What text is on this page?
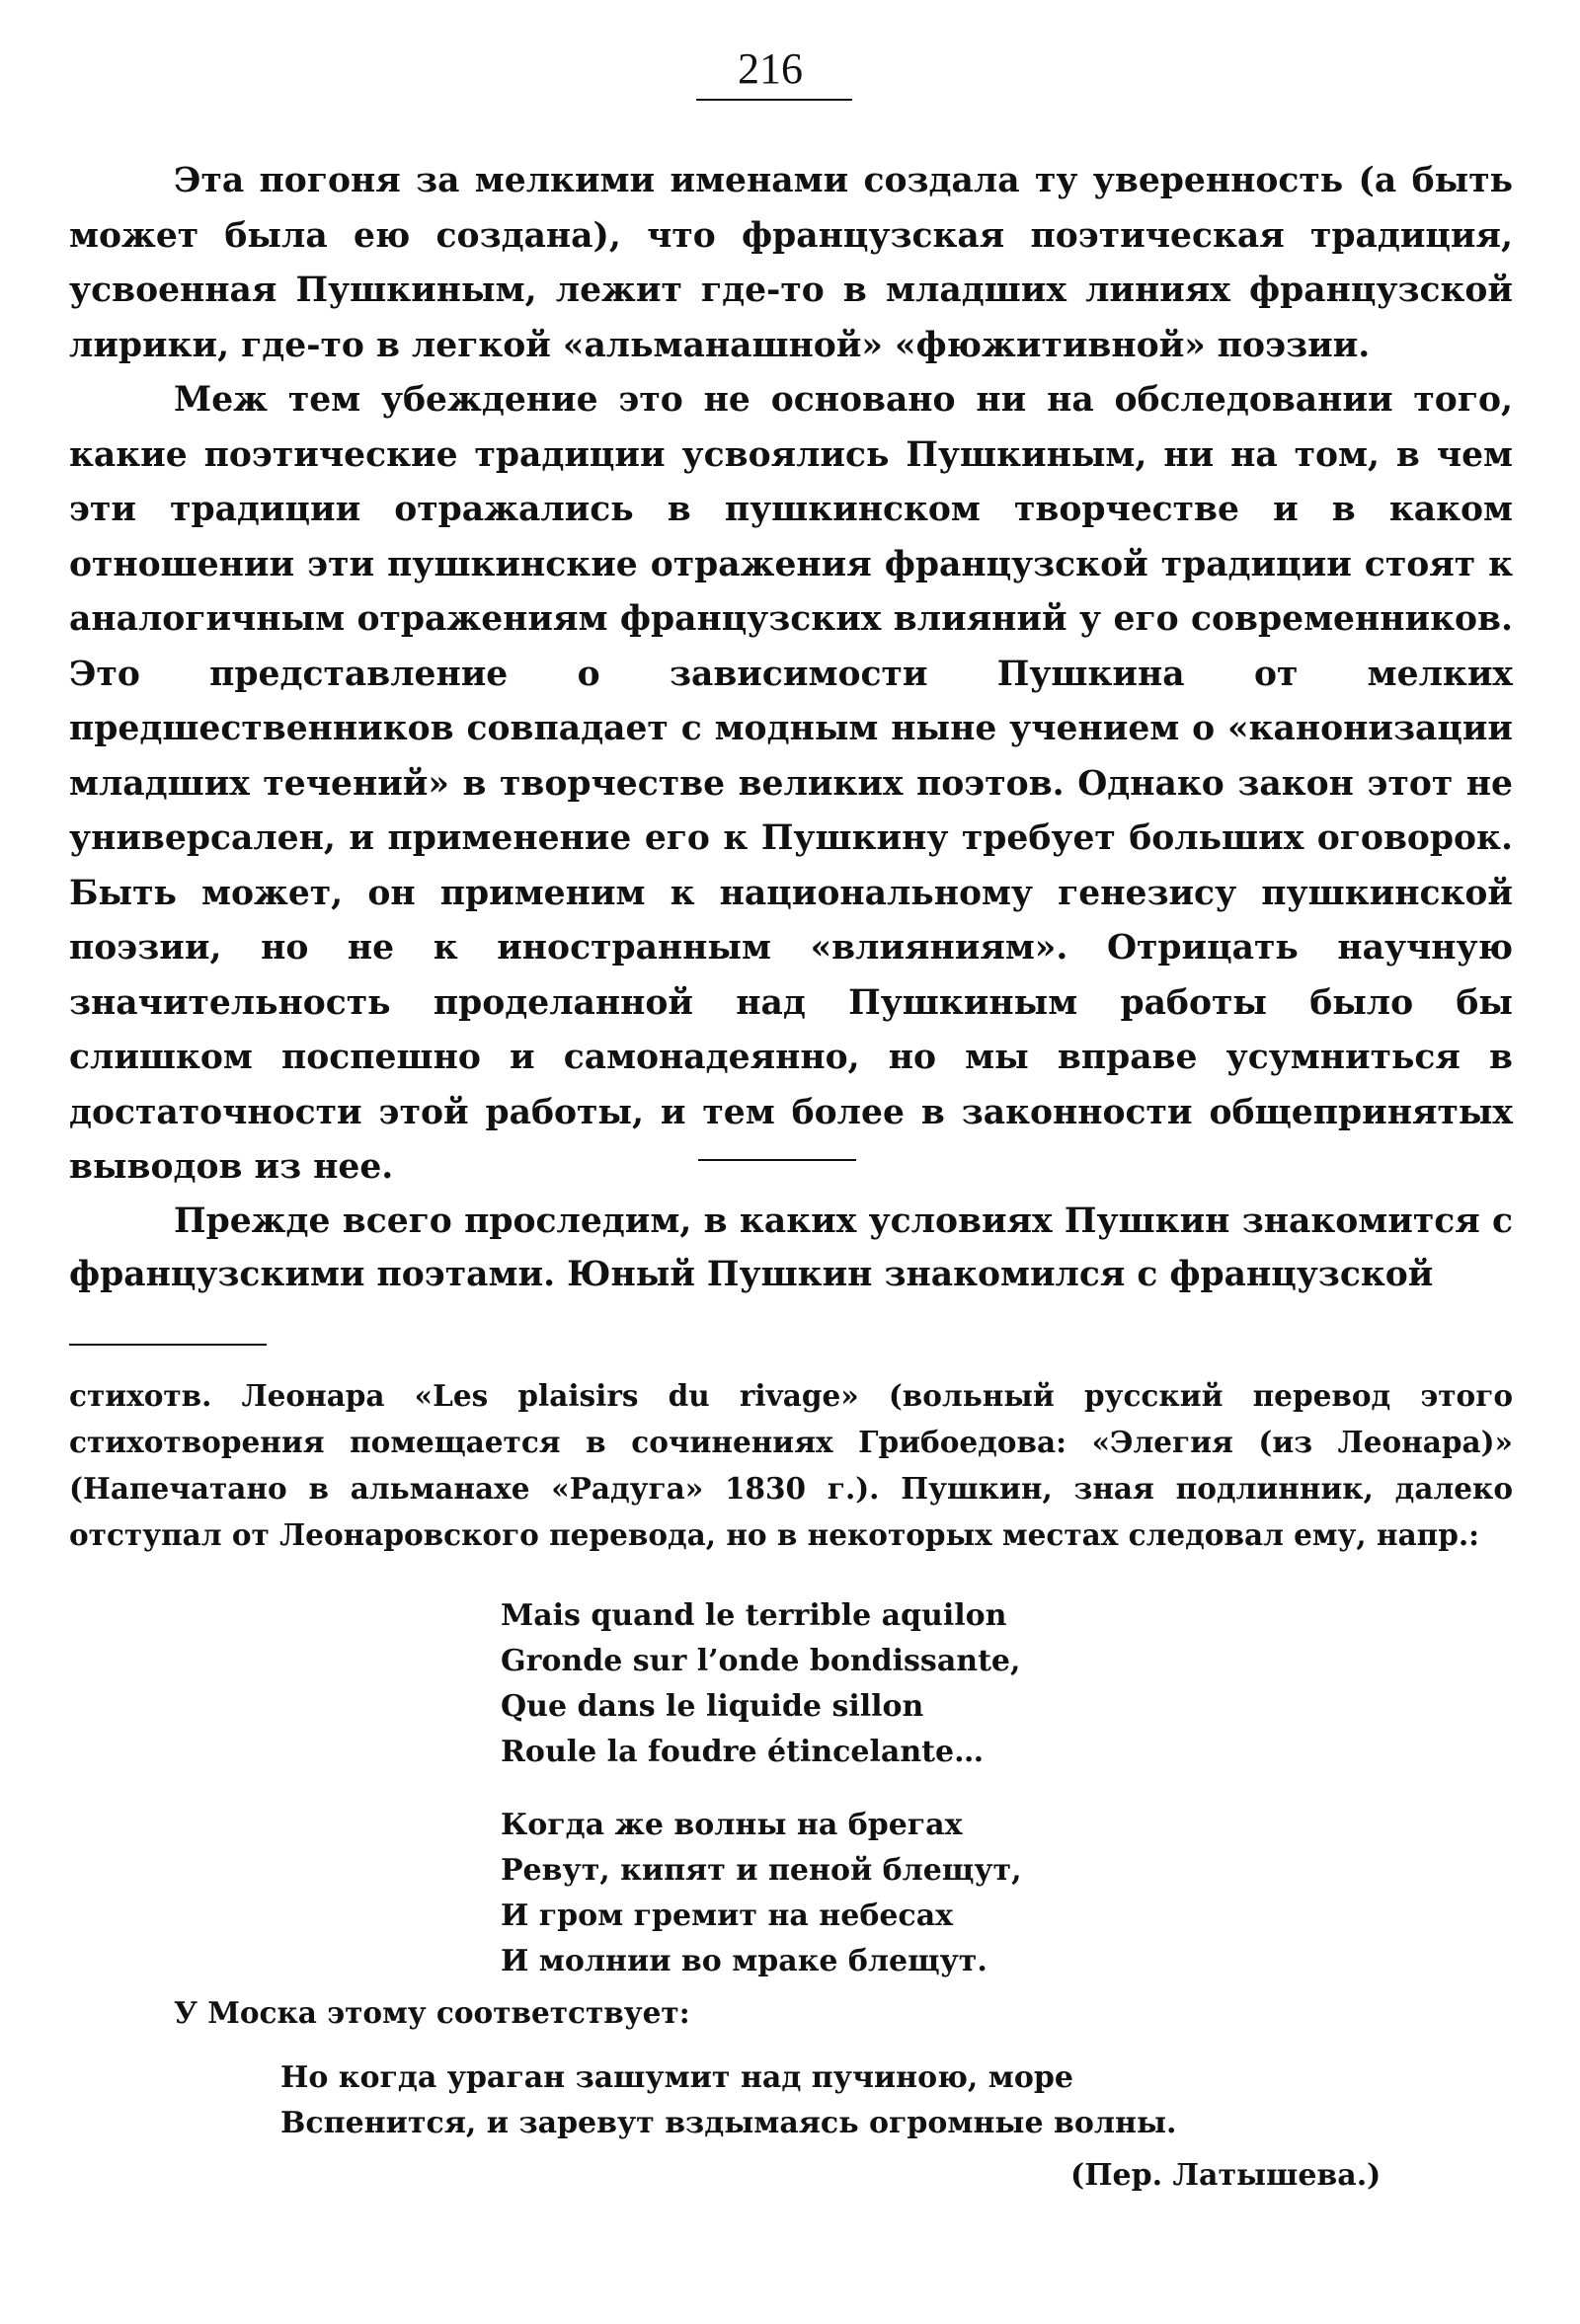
216

Эта погоня за мелкими именами создала ту уверенность (а быть может была ею создана), что французская поэтическая традиция, усвоенная Пушкиным, лежит где-то в младших линиях французской лирики, где-то в легкой «альманашной» «фюжитивной» поэзии.

Меж тем убеждение это не основано ни на обследовании того, какие поэтические традиции усвоялись Пушкиным, ни на том, в чем эти традиции отражались в пушкинском творчестве и в каком отношении эти пушкинские отражения французской традиции стоят к аналогичным отражениям французских влияний у его современников. Это представление о зависимости Пушкина от мелких предшественников совпадает с модным ныне учением о «канонизации младших течений» в творчестве великих поэтов. Однако закон этот не универсален, и применение его к Пушкину требует больших оговорок. Быть может, он применим к национальному генезису пушкинской поэзии, но не к иностранным «влияниям». Отрицать научную значительность проделанной над Пушкиным работы было бы слишком поспешно и самонадеянно, но мы вправе усумниться в достаточности этой работы, и тем более в законности общепринятых выводов из нее.

Прежде всего проследим, в каких условиях Пушкин знакомится с французскими поэтами. Юный Пушкин знакомился с французской

стихотв. Леонара «Les plaisirs du rivage» (вольный русский перевод этого стихотворения помещается в сочинениях Грибоедова: «Элегия (из Леонара)» (Напечатано в альманахе «Радуга» 1830 г.). Пушкин, зная подлинник, далеко отступал от Леонаровского перевода, но в некоторых местах следовал ему, напр.:

Mais quand le terrible aquilon
Gronde sur l’onde bondissante,
Que dans le liquide sillon
Roule la foudre étincelante…
Когда же волны на брегах
Ревут, кипят и пеной блещут,
И гром гремит на небесах
И молнии во мраке блещут.
У Моска этому соответствует:
Но когда ураган зашумит над пучиною, море
Вспенится, и заревут вздымаясь огромные волны.
(Пер. Латышева.)
